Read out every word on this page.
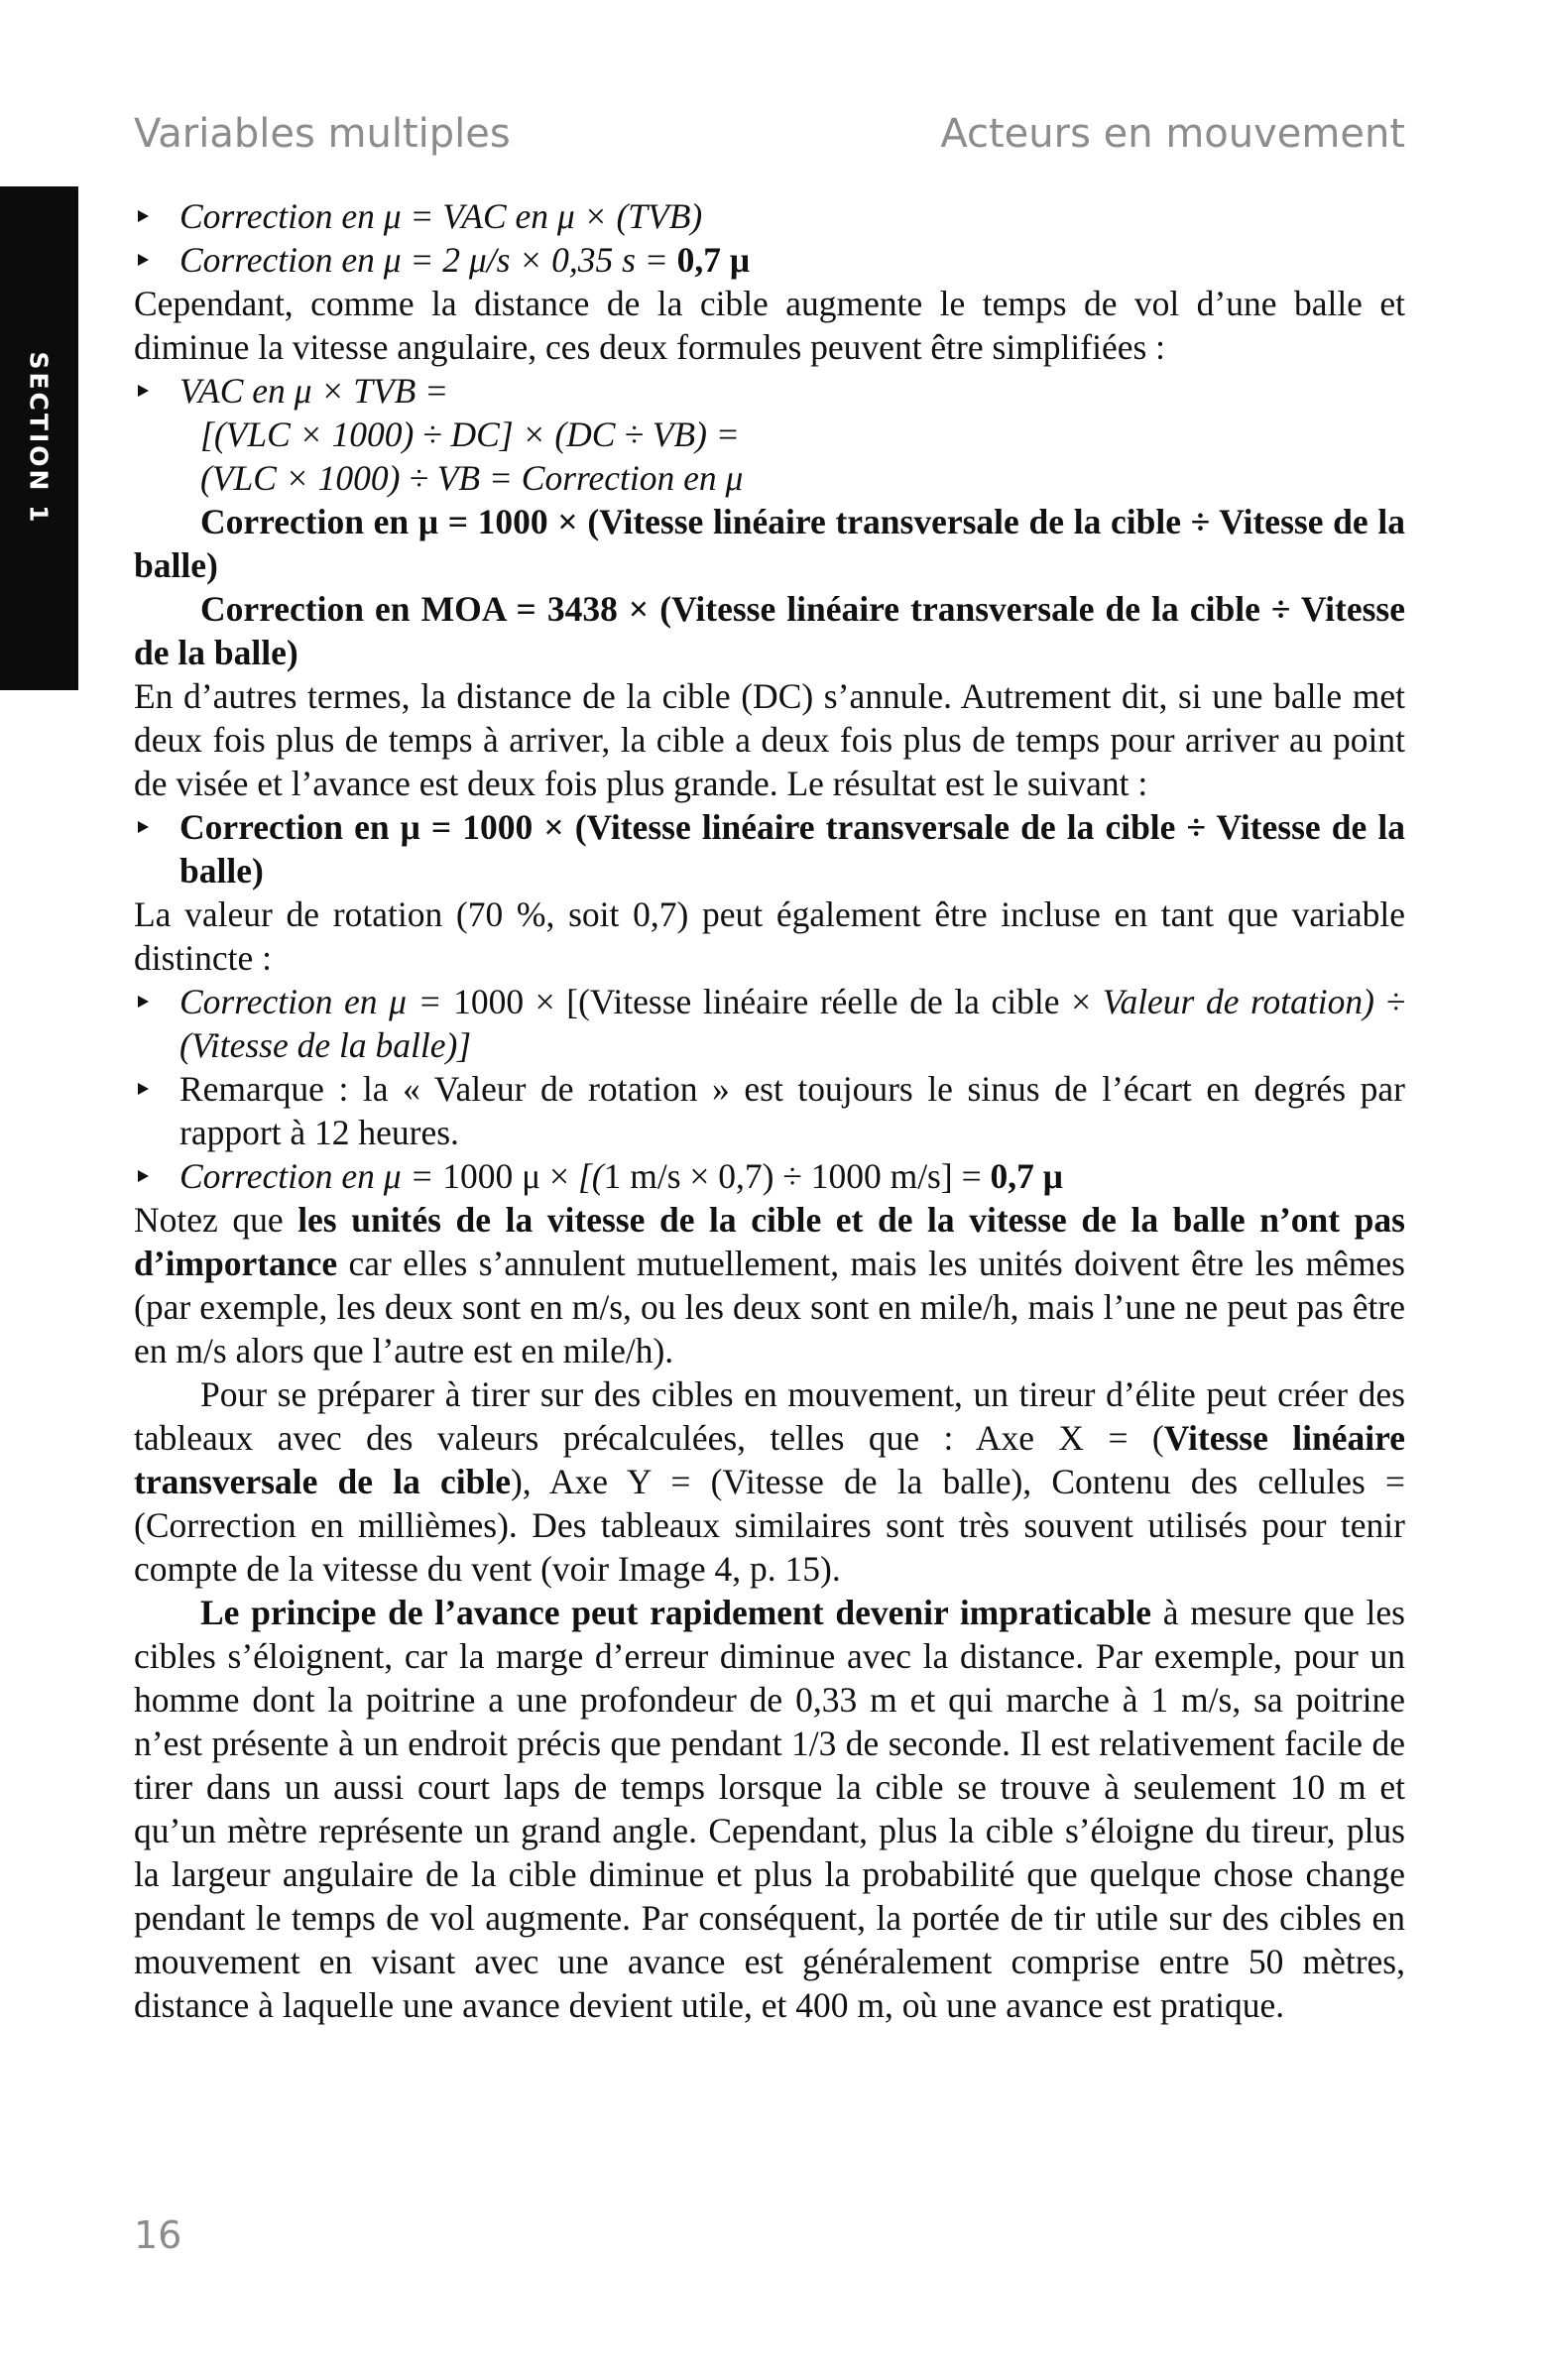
Variables multiples	Acteurs en mouvement
SECTION 1
Correction en μ = VAC en μ × (TVB)
Correction en μ = 2 μ/s × 0,35 s = 0,7 μ

Cependant, comme la distance de la cible augmente le temps de vol d’une balle et diminue la vitesse angulaire, ces deux formules peuvent être simplifiées :

VAC en μ × TVB =
[(VLC × 1000) ÷ DC] × (DC ÷ VB) =
(VLC × 1000) ÷ VB = Correction en μ
Correction en μ = 1000 × (Vitesse linéaire transversale de la cible ÷ Vitesse de la balle)
Correction en MOA = 3438 × (Vitesse linéaire transversale de la cible ÷ Vitesse de la balle)

En d’autres termes, la distance de la cible (DC) s’annule. Autrement dit, si une balle met deux fois plus de temps à arriver, la cible a deux fois plus de temps pour arriver au point de visée et l’avance est deux fois plus grande. Le résultat est le suivant :

Correction en μ = 1000 × (Vitesse linéaire transversale de la cible ÷ Vitesse de la balle)

La valeur de rotation (70 %, soit 0,7) peut également être incluse en tant que variable distincte :

Correction en μ = 1000 × [(Vitesse linéaire réelle de la cible × Valeur de rotation) ÷ (Vitesse de la balle)]
Remarque : la « Valeur de rotation » est toujours le sinus de l’écart en degrés par rapport à 12 heures.
Correction en μ = 1000 μ × [(1 m/s × 0,7) ÷ 1000 m/s] = 0,7 μ

Notez que les unités de la vitesse de la cible et de la vitesse de la balle n’ont pas d’importance car elles s’annulent mutuellement, mais les unités doivent être les mêmes (par exemple, les deux sont en m/s, ou les deux sont en mile/h, mais l’une ne peut pas être en m/s alors que l’autre est en mile/h).

Pour se préparer à tirer sur des cibles en mouvement, un tireur d’élite peut créer des tableaux avec des valeurs précalculées, telles que : Axe X = (Vitesse linéaire transversale de la cible), Axe Y = (Vitesse de la balle), Contenu des cellules = (Correction en millièmes). Des tableaux similaires sont très souvent utilisés pour tenir compte de la vitesse du vent (voir Image 4, p. 15).

Le principe de l’avance peut rapidement devenir impraticable à mesure que les cibles s’éloignent, car la marge d’erreur diminue avec la distance. Par exemple, pour un homme dont la poitrine a une profondeur de 0,33 m et qui marche à 1 m/s, sa poitrine n’est présente à un endroit précis que pendant 1/3 de seconde. Il est relativement facile de tirer dans un aussi court laps de temps lorsque la cible se trouve à seulement 10 m et qu’un mètre représente un grand angle. Cependant, plus la cible s’éloigne du tireur, plus la largeur angulaire de la cible diminue et plus la probabilité que quelque chose change pendant le temps de vol augmente. Par conséquent, la portée de tir utile sur des cibles en mouvement en visant avec une avance est généralement comprise entre 50 mètres, distance à laquelle une avance devient utile, et 400 m, où une avance est pratique.

16
